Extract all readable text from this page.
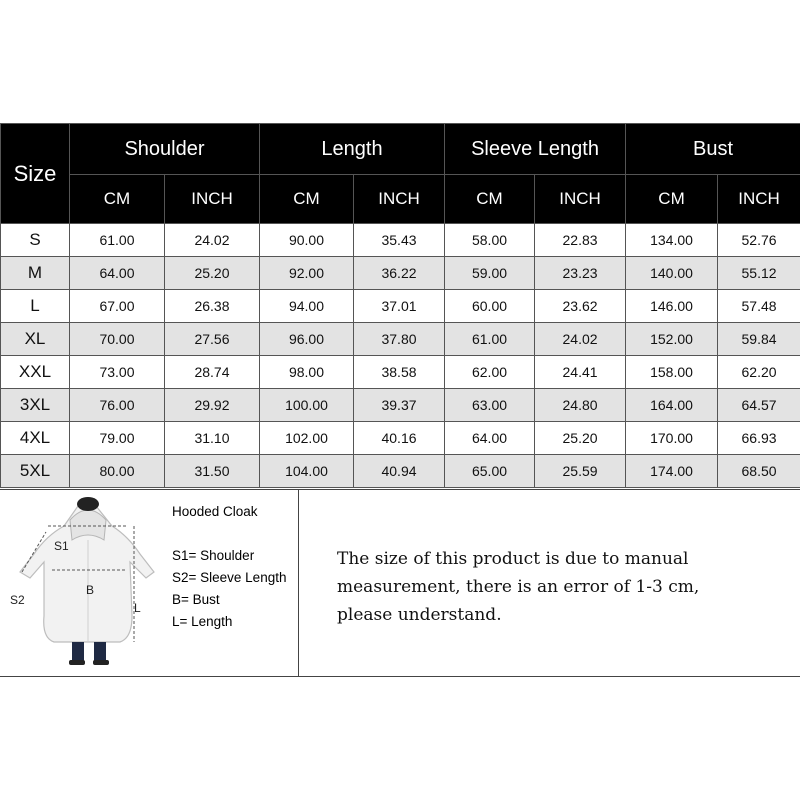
Size	Shoulder		Length		Sleeve Length		Bust	
	CM	INCH	CM	INCH	CM	INCH	CM	INCH
S	61.00	24.02	90.00	35.43	58.00	22.83	134.00	52.76
M	64.00	25.20	92.00	36.22	59.00	23.23	140.00	55.12
L	67.00	26.38	94.00	37.01	60.00	23.62	146.00	57.48
XL	70.00	27.56	96.00	37.80	61.00	24.02	152.00	59.84
XXL	73.00	28.74	98.00	38.58	62.00	24.41	158.00	62.20
3XL	76.00	29.92	100.00	39.37	63.00	24.80	164.00	64.57
4XL	79.00	31.10	102.00	40.16	64.00	25.20	170.00	66.93
5XL	80.00	31.50	104.00	40.94	65.00	25.59	174.00	68.50
S1
S2
B
L
Hooded Cloak
S1= Shoulder
S2= Sleeve Length
B= Bust
L= Length
The size of this product is due to manual
measurement, there is an error of 1-3 cm,
please understand.
